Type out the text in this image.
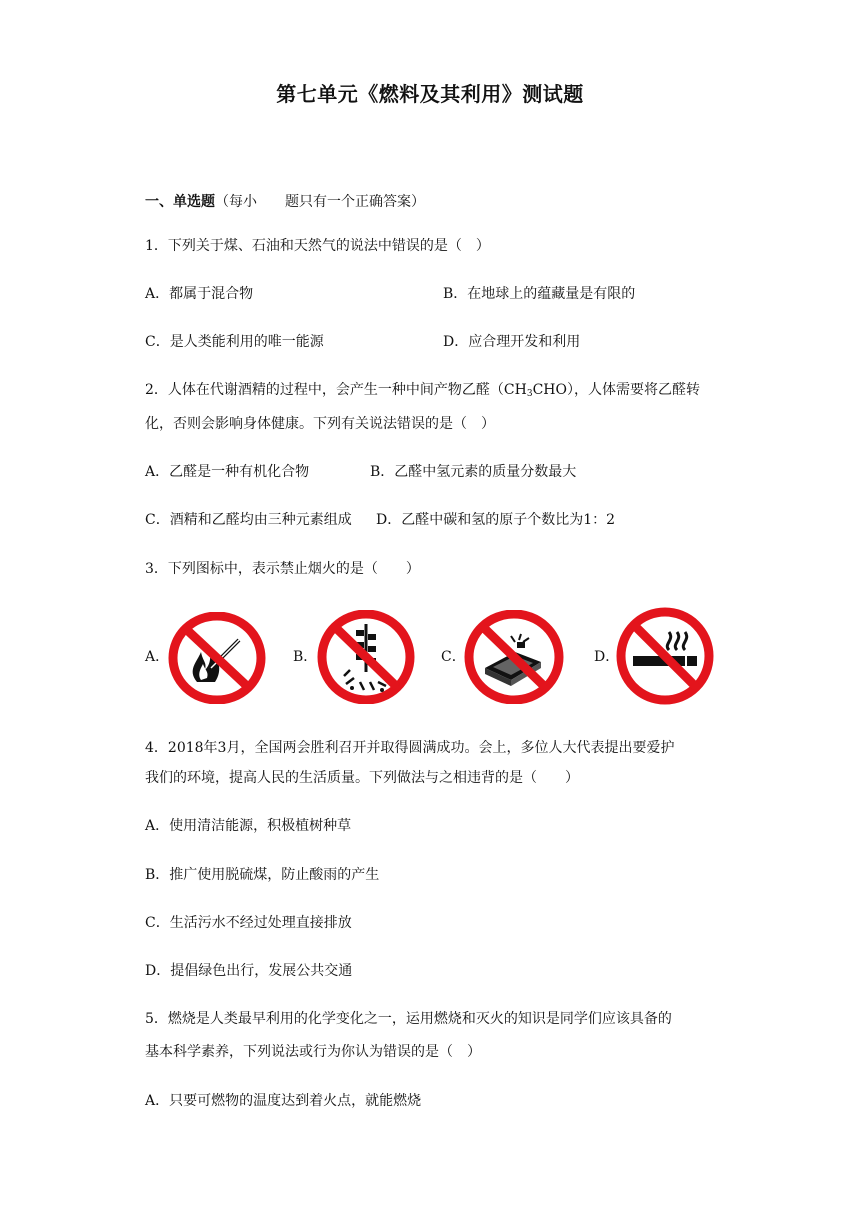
第七单元《燃料及其利用》测试题
一、单选题（每小　　题只有一个正确答案）
1．下列关于煤、石油和天然气的说法中错误的是（　）
A．都属于混合物	B．在地球上的蕴藏量是有限的
C．是人类能利用的唯一能源	D．应合理开发和利用
2．人体在代谢酒精的过程中，会产生一种中间产物乙醛$(CH_3CHO)$，人体需要将乙醛转
化，否则会影响身体健康。下列有关说法错误的是（　）
A．乙醛是一种有机化合物	B．乙醛中氢元素的质量分数最大
C．酒精和乙醛均由三种元素组成 D．乙醛中碳和氢的原子个数比为1：2
3．下列图标中，表示禁止烟火的是（　　）
A．	B．	C．	D．
4．2018年3月，全国两会胜利召开并取得圆满成功。会上，多位人大代表提出要爱护
我们的环境，提高人民的生活质量。下列做法与之相违背的是（　　）
A．使用清洁能源，积极植树种草
B．推广使用脱硫煤，防止酸雨的产生
C．生活污水不经过处理直接排放
D．提倡绿色出行，发展公共交通
5．燃烧是人类最早利用的化学变化之一，运用燃烧和灭火的知识是同学们应该具备的
基本科学素养，下列说法或行为你认为错误的是（　）
A．只要可燃物的温度达到着火点，就能燃烧
